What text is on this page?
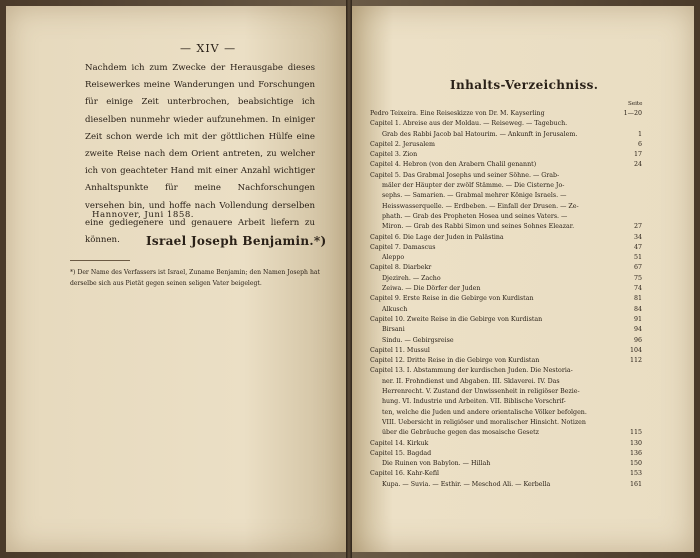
— XIV —
Nachdem ich zum Zwecke der Herausgabe dieses Reisewerkes meine Wanderungen und Forschungen für einige Zeit unterbrochen, beabsichtige ich dieselben nunmehr wieder aufzunehmen. In einiger Zeit schon werde ich mit der göttlichen Hülfe eine zweite Reise nach dem Orient antreten, zu welcher ich von geachteter Hand mit einer Anzahl wichtiger Anhaltspunkte für meine Nachforschungen versehen bin, und hoffe nach Vollendung derselben eine gediegenere und genauere Arbeit liefern zu können.
Hannover, Juni 1858.
Israel Joseph Benjamin.*)
*) Der Name des Verfassers ist Israel, Zuname Benjamin; den Namen Joseph hat derselbe sich aus Pietät gegen seinen seligen Vater beigelegt.
Inhalts-Verzeichniss.
Seite
Pedro Teixeira. Eine Reiseskizze von Dr. M. Kayserling	1—20
Capitel 1. Abreise aus der Moldau. — Reiseweg. — Tagebuch.
Grab des Rabbi Jacob bal Hatourim. — Ankunft in Jerusalem.	1
Capitel 2. Jerusalem	6
Capitel 3. Zion	17
Capitel 4. Hebron (von den Arabern Chalil genannt)	24
Capitel 5. Das Grabmal Josephs und seiner Söhne. — Grab-
mäler der Häupter der zwölf Stämme. — Die Cisterne Jo-
sephs. — Samarien. — Grabmal mehrer Könige Israels. —
Heisswasserquelle. — Erdbeben. — Einfall der Drusen. — Ze-
phath. — Grab des Propheten Hosea und seines Vaters. —
Miron. — Grab des Rabbi Simon und seines Sohnes Eleazar.	27
Capitel 6. Die Lage der Juden in Palästina	34
Capitel 7. Damascus	47
Aleppo	51
Capitel 8. Diarbekr	67
Djezireh. — Zacho	75
Zeiwa. — Die Dörfer der Juden	74
Capitel 9. Erste Reise in die Gebirge von Kurdistan	81
Alkusch	84
Capitel 10. Zweite Reise in die Gebirge von Kurdistan	91
Birsani	94
Sindu. — Gebirgsreise	96
Capitel 11. Mussul	104
Capitel 12. Dritte Reise in die Gebirge von Kurdistan	112
Capitel 13. I. Abstammung der kurdischen Juden. Die Nestoria-
ner. II. Frohndienst und Abgaben. III. Sklaverei. IV. Das
Herrenrecht. V. Zustand der Unwissenheit in religiöser Bezie-
hung. VI. Industrie und Arbeiten. VII. Biblische Vorschrif-
ten, welche die Juden und andere orientalische Völker befolgen.
VIII. Uebersicht in religiöser und moralischer Hinsicht. Notizen
über die Gebräuche gegen das mosaische Gesetz	115
Capitel 14. Kirkuk	130
Capitel 15. Bagdad	136
Die Ruinen von Babylon. — Hillah	150
Capitel 16. Kahr-Kefil	153
Kupa. — Suvia. — Esthir. — Meschod Ali. — Kerbella	161
